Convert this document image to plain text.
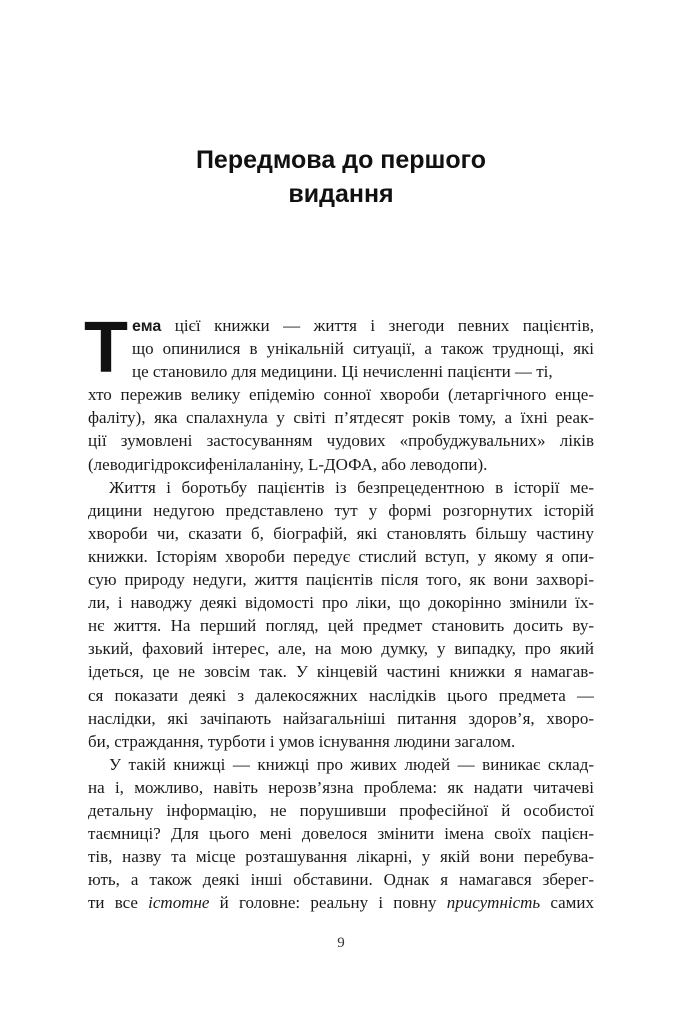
Передмова до першого
видання
Т ема цієї книжки — життя і знегоди певних пацієнтів,
що опинилися в унікальній ситуації, а також труднощі, які
це становило для медицини. Ці нечисленні пацієнти — ті,
хто пережив велику епідемію сонної хвороби (летаргічного енце-
фаліту), яка спалахнула у світі п’ятдесят років тому, а їхні реак-
ції зумовлені застосуванням чудових «пробуджувальних» ліків
(леводигідроксифенілаланіну, L-ДОФА, або леводопи).
Життя і боротьбу пацієнтів із безпрецедентною в історії ме-
дицини недугою представлено тут у формі розгорнутих історій
хвороби чи, сказати б, біографій, які становлять більшу частину
книжки. Історіям хвороби передує стислий вступ, у якому я опи-
сую природу недуги, життя пацієнтів після того, як вони захворі-
ли, і наводжу деякі відомості про ліки, що докорінно змінили їх-
нє життя. На перший погляд, цей предмет становить досить ву-
зький, фаховий інтерес, але, на мою думку, у випадку, про який
ідеться, це не зовсім так. У кінцевій частині книжки я намагав-
ся показати деякі з далекосяжних наслідків цього предмета —
наслідки, які зачіпають найзагальніші питання здоров’я, хворо-
би, страждання, турботи і умов існування людини загалом.
У такій книжці — книжці про живих людей — виникає склад-
на і, можливо, навіть нерозв’язна проблема: як надати читачеві
детальну інформацію, не порушивши професійної й особистої
таємниці? Для цього мені довелося змінити імена своїх пацієн-
тів, назву та місце розташування лікарні, у якій вони перебува-
ють, а також деякі інші обставини. Однак я намагався зберег-
ти все істотне й головне: реальну і повну присутність самих
9
